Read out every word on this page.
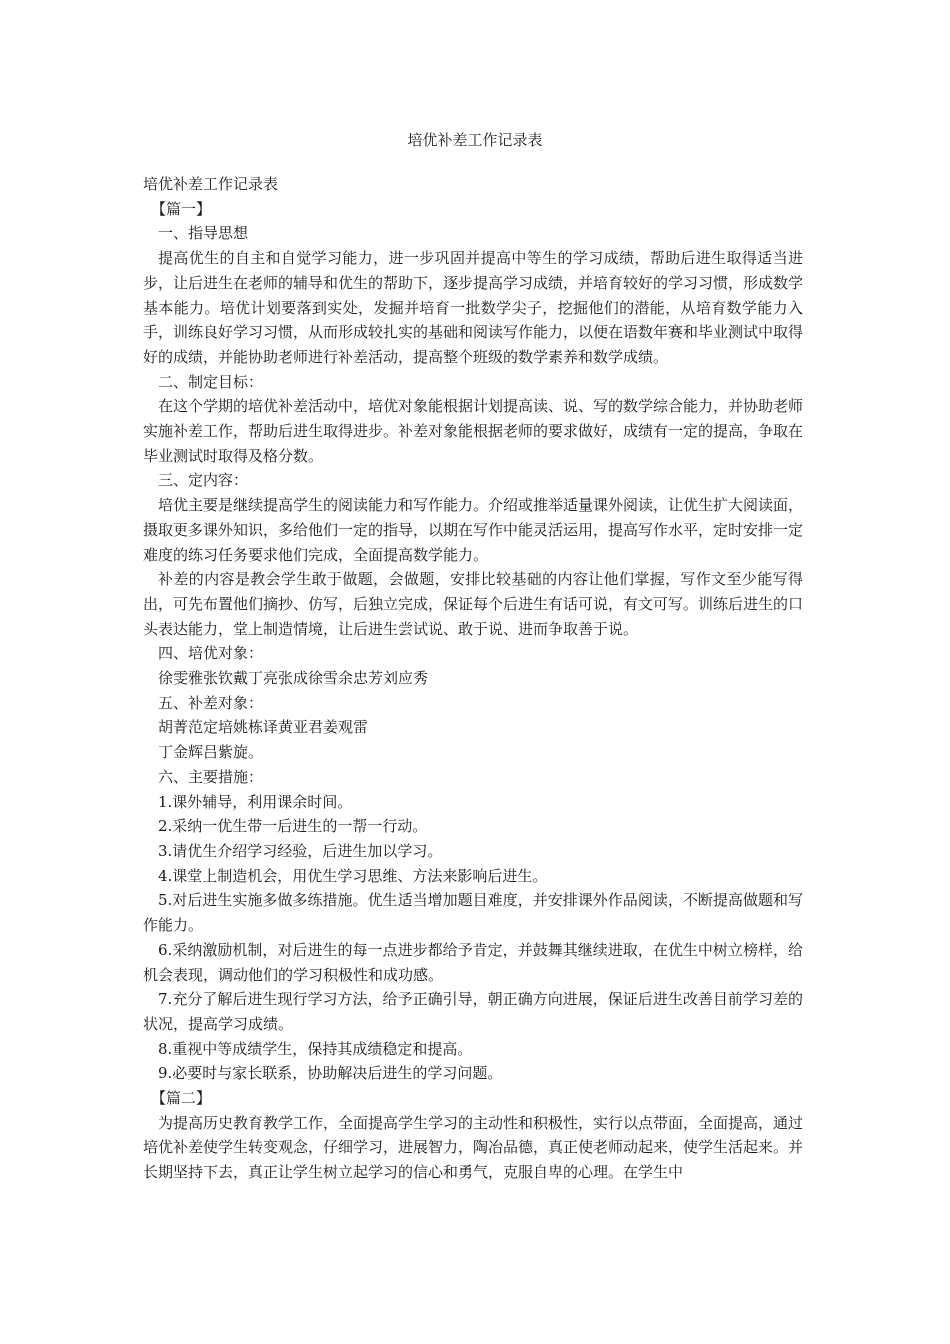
培优补差工作记录表

培优补差工作记录表

【篇一】

一、指导思想

提高优生的自主和自觉学习能力，进一步巩固并提高中等生的学习成绩，帮助后进生取得适当进步，让后进生在老师的辅导和优生的帮助下，逐步提高学习成绩，并培育较好的学习习惯，形成数学基本能力。培优计划要落到实处，发掘并培育一批数学尖子，挖掘他们的潜能，从培育数学能力入手，训练良好学习习惯，从而形成较扎实的基础和阅读写作能力，以便在语数年赛和毕业测试中取得好的成绩，并能协助老师进行补差活动，提高整个班级的数学素养和数学成绩。

二、制定目标：

在这个学期的培优补差活动中，培优对象能根据计划提高读、说、写的数学综合能力，并协助老师实施补差工作，帮助后进生取得进步。补差对象能根据老师的要求做好，成绩有一定的提高，争取在毕业测试时取得及格分数。

三、定内容：

培优主要是继续提高学生的阅读能力和写作能力。介绍或推举适量课外阅读，让优生扩大阅读面，摄取更多课外知识，多给他们一定的指导，以期在写作中能灵活运用，提高写作水平，定时安排一定难度的练习任务要求他们完成，全面提高数学能力。

补差的内容是教会学生敢于做题，会做题，安排比较基础的内容让他们掌握，写作文至少能写得出，可先布置他们摘抄、仿写，后独立完成，保证每个后进生有话可说，有文可写。训练后进生的口头表达能力，堂上制造情境，让后进生尝试说、敢于说、进而争取善于说。

四、培优对象：

徐雯雅张钦戴丁亮张成徐雪余忠芳刘应秀

五、补差对象：

胡菁范定培姚栋译黄亚君姜观雷

丁金辉吕紫旋。

六、主要措施：

1.课外辅导，利用课余时间。

2.采纳一优生带一后进生的一帮一行动。

3.请优生介绍学习经验，后进生加以学习。

4.课堂上制造机会，用优生学习思维、方法来影响后进生。

5.对后进生实施多做多练措施。优生适当增加题目难度，并安排课外作品阅读，不断提高做题和写作能力。

6.采纳激励机制，对后进生的每一点进步都给予肯定，并鼓舞其继续进取，在优生中树立榜样，给机会表现，调动他们的学习积极性和成功感。

7.充分了解后进生现行学习方法，给予正确引导，朝正确方向进展，保证后进生改善目前学习差的状况，提高学习成绩。

8.重视中等成绩学生，保持其成绩稳定和提高。

9.必要时与家长联系，协助解决后进生的学习问题。

【篇二】

为提高历史教育教学工作，全面提高学生学习的主动性和积极性，实行以点带面，全面提高，通过培优补差使学生转变观念，仔细学习，进展智力，陶冶品德，真正使老师动起来，使学生活起来。并长期坚持下去，真正让学生树立起学习的信心和勇气，克服自卑的心理。在学生中
